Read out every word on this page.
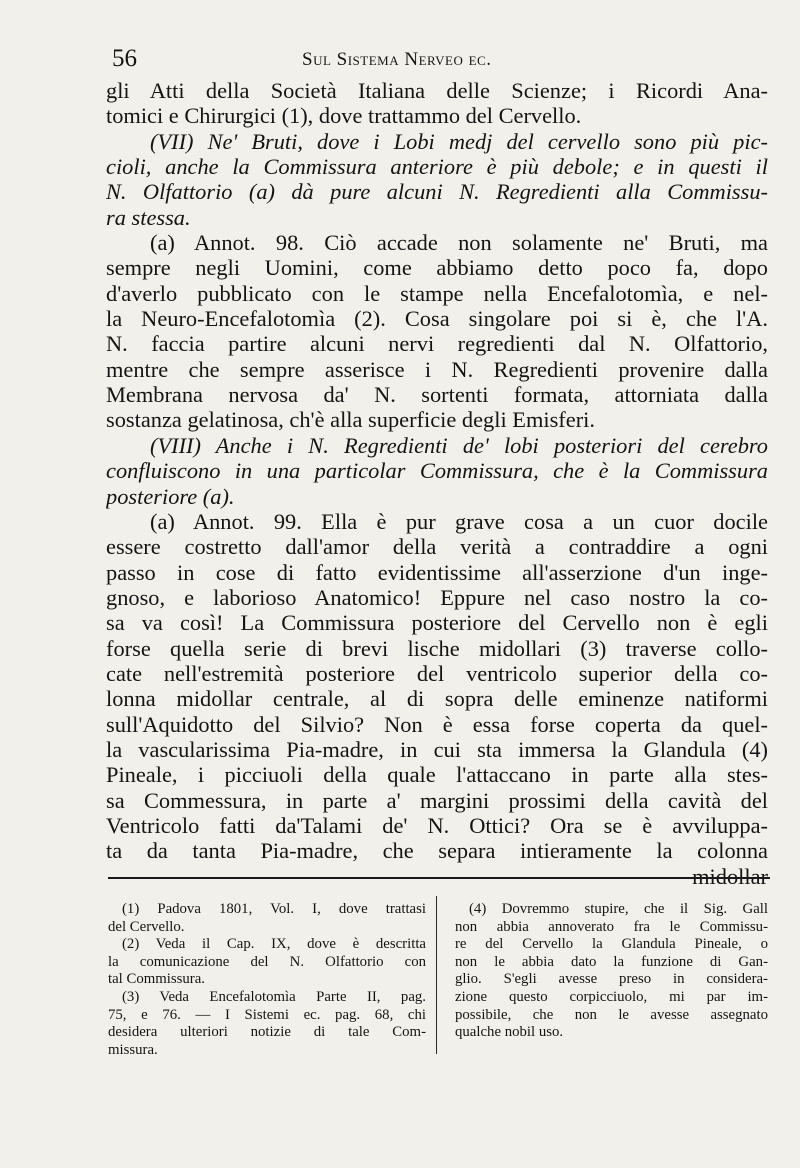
56	Sul Sistema Nerveo ec.
gli Atti della Società Italiana delle Scienze; i Ricordi Ana-
tomici e Chirurgici (1), dove trattammo del Cervello.
(VII) Ne' Bruti, dove i Lobi medj del cervello sono più pic-
cioli, anche la Commissura anteriore è più debole; e in questi il
N. Olfattorio (a) dà pure alcuni N. Regredienti alla Commissu-
ra stessa.
(a) Annot. 98. Ciò accade non solamente ne' Bruti, ma
sempre negli Uomini, come abbiamo detto poco fa, dopo
d'averlo pubblicato con le stampe nella Encefalotomìa, e nel-
la Neuro-Encefalotomìa (2). Cosa singolare poi si è, che l'A.
N. faccia partire alcuni nervi regredienti dal N. Olfattorio,
mentre che sempre asserisce i N. Regredienti provenire dalla
Membrana nervosa da' N. sortenti formata, attorniata dalla
sostanza gelatinosa, ch'è alla superficie degli Emisferi.
(VIII) Anche i N. Regredienti de' lobi posteriori del cerebro
confluiscono in una particolar Commissura, che è la Commissura
posteriore (a).
(a) Annot. 99. Ella è pur grave cosa a un cuor docile
essere costretto dall'amor della verità a contraddire a ogni
passo in cose di fatto evidentissime all'asserzione d'un inge-
gnoso, e laborioso Anatomico! Eppure nel caso nostro la co-
sa va così! La Commissura posteriore del Cervello non è egli
forse quella serie di brevi lische midollari (3) traverse collo-
cate nell'estremità posteriore del ventricolo superior della co-
lonna midollar centrale, al di sopra delle eminenze natiformi
sull'Aquidotto del Silvio? Non è essa forse coperta da quel-
la vascularissima Pia-madre, in cui sta immersa la Glandula (4)
Pineale, i picciuoli della quale l'attaccano in parte alla stes-
sa Commessura, in parte a' margini prossimi della cavità del
Ventricolo fatti da'Talami de' N. Ottici? Ora se è avviluppa-
ta da tanta Pia-madre, che separa intieramente la colonna
midollar
(1) Padova 1801, Vol. I, dove trattasi
del Cervello.
(2) Veda il Cap. IX, dove è descritta
la comunicazione del N. Olfattorio con
tal Commissura.
(3) Veda Encefalotomìa Parte II, pag.
75, e 76. — I Sistemi ec. pag. 68, chi
desidera ulteriori notizie di tale Com-
missura.
(4) Dovremmo stupire, che il Sig. Gall
non abbia annoverato fra le Commissu-
re del Cervello la Glandula Pineale, o
non le abbia dato la funzione di Gan-
glio. S'egli avesse preso in considera-
zione questo corpicciuolo, mi par im-
possibile, che non le avesse assegnato
qualche nobil uso.
